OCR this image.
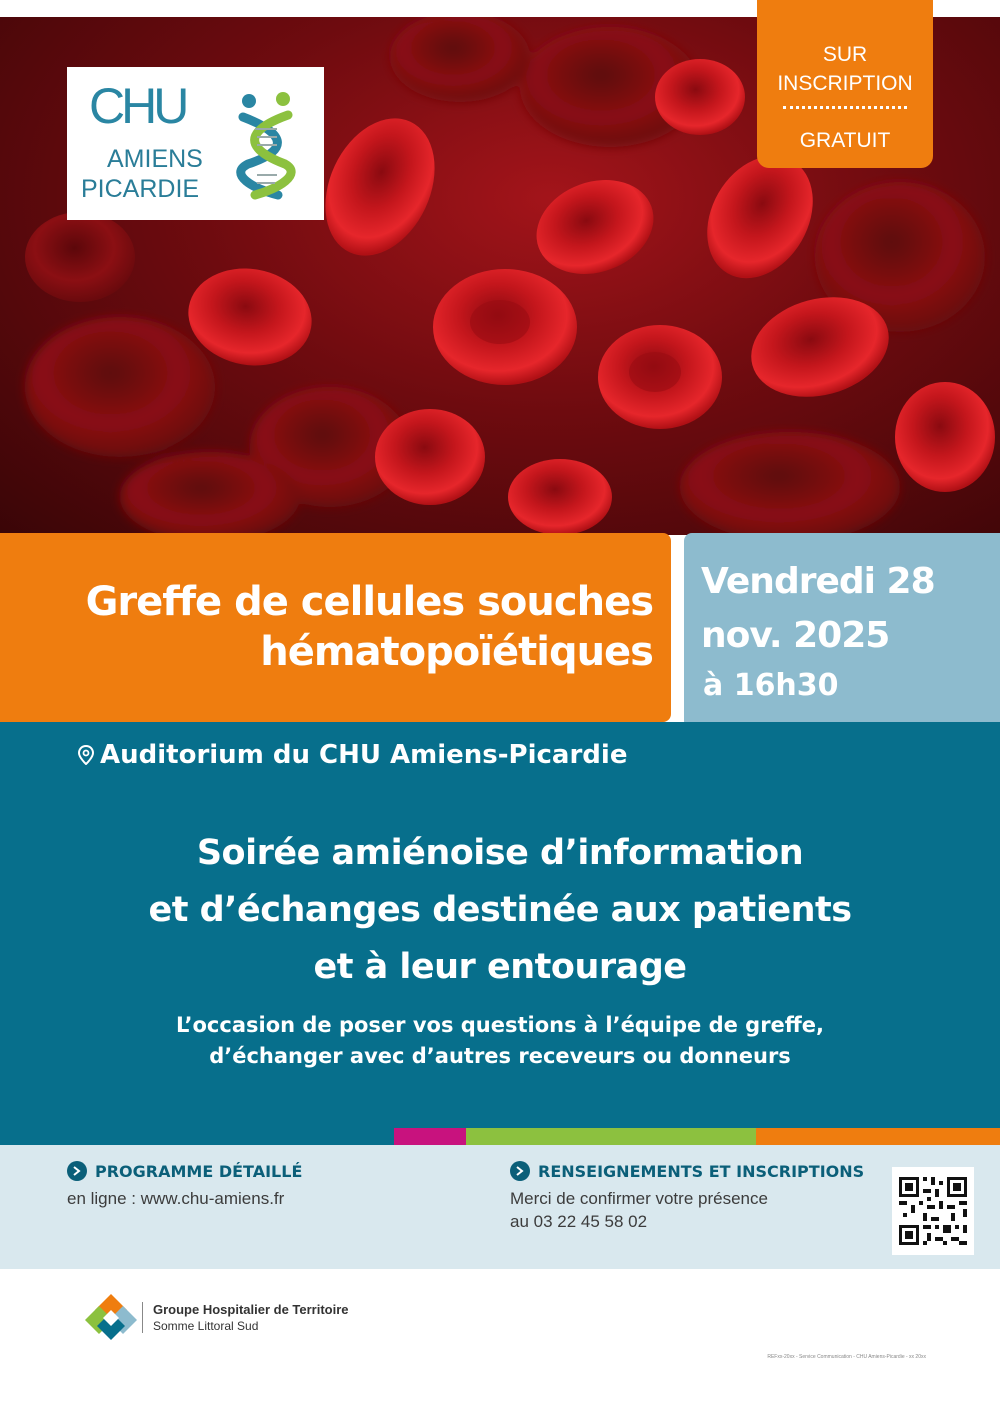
CHU
AMIENS
PICARDIE
SUR
INSCRIPTION
GRATUIT
Greffe de cellules souches
hématopoïétiques
Vendredi 28
nov. 2025
à 16h30
Auditorium du CHU Amiens-Picardie
Soirée amiénoise d’information
et d’échanges destinée aux patients
et à leur entourage
L’occasion de poser vos questions à l’équipe de greffe,
d’échanger avec d’autres receveurs ou donneurs
PROGRAMME DÉTAILLÉ
en ligne : www.chu-amiens.fr
RENSEIGNEMENTS ET INSCRIPTIONS
Merci de confirmer votre présence
au 03 22 45 58 02
Groupe Hospitalier de Territoire
Somme Littoral Sud
REFxx-20xx - Service Communication - CHU Amiens-Picardie - xx 20xx
